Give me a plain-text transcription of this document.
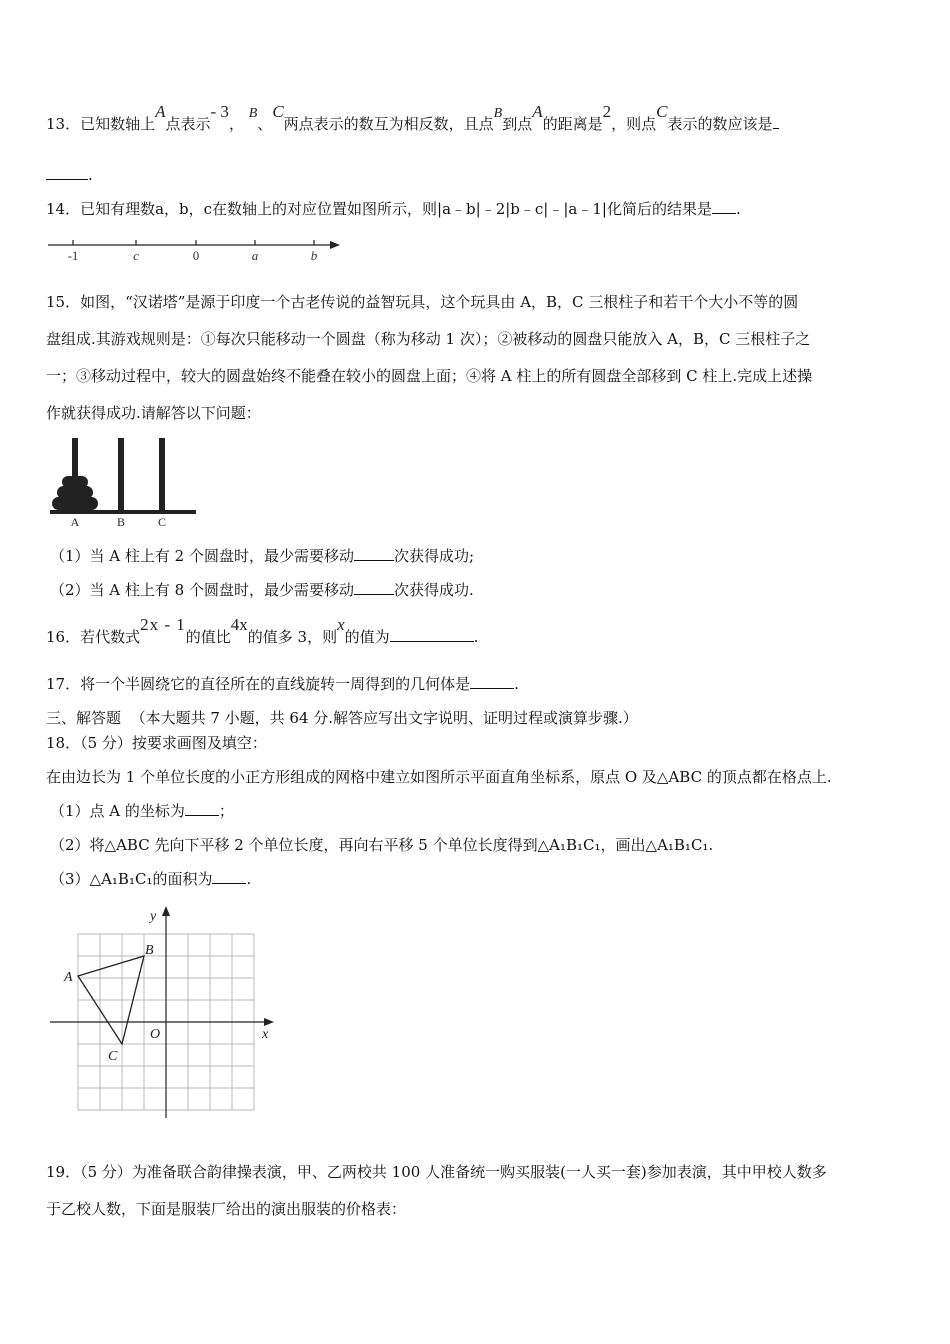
13．已知数轴上A点表示- 3， B、C两点表示的数互为相反数，且点B到点A的距离是2，则点C表示的数应该是
.
14．已知有理数a，b，c在数轴上的对应位置如图所示，则|a﹣b|﹣2|b﹣c|﹣|a﹣1|化简后的结果是 .
-1	c	0	a	b
15．如图，“汉诺塔”是源于印度一个古老传说的益智玩具，这个玩具由 A，B，C 三根柱子和若干个大小不等的圆
盘组成.其游戏规则是：①每次只能移动一个圆盘（称为移动 1 次）；②被移动的圆盘只能放入 A，B，C 三根柱子之
一；③移动过程中，较大的圆盘始终不能叠在较小的圆盘上面；④将 A 柱上的所有圆盘全部移到 C 柱上.完成上述操
作就获得成功.请解答以下问题：
A	B	C
（1）当 A 柱上有 2 个圆盘时，最少需要移动	次获得成功;
（2）当 A 柱上有 8 个圆盘时，最少需要移动	次获得成功.
16．若代数式2x - 1的值比4x的值多 3，则x的值为	.
17．将一个半圆绕它的直径所在的直线旋转一周得到的几何体是	.
三、解答题 （本大题共 7 小题，共 64 分.解答应写出文字说明、证明过程或演算步骤.）
18．（5 分）按要求画图及填空：
在由边长为 1 个单位长度的小正方形组成的网格中建立如图所示平面直角坐标系，原点 O 及△ABC 的顶点都在格点上.
（1）点 A 的坐标为 ；
（2）将△ABC 先向下平移 2 个单位长度，再向右平移 5 个单位长度得到△A₁B₁C₁，画出△A₁B₁C₁.
（3）△A₁B₁C₁的面积为 .
y
x
O
A
B
C
19．（5 分）为准备联合韵律操表演，甲、乙两校共 100 人准备统一购买服装(一人买一套)参加表演，其中甲校人数多
于乙校人数，下面是服装厂给出的演出服装的价格表：
